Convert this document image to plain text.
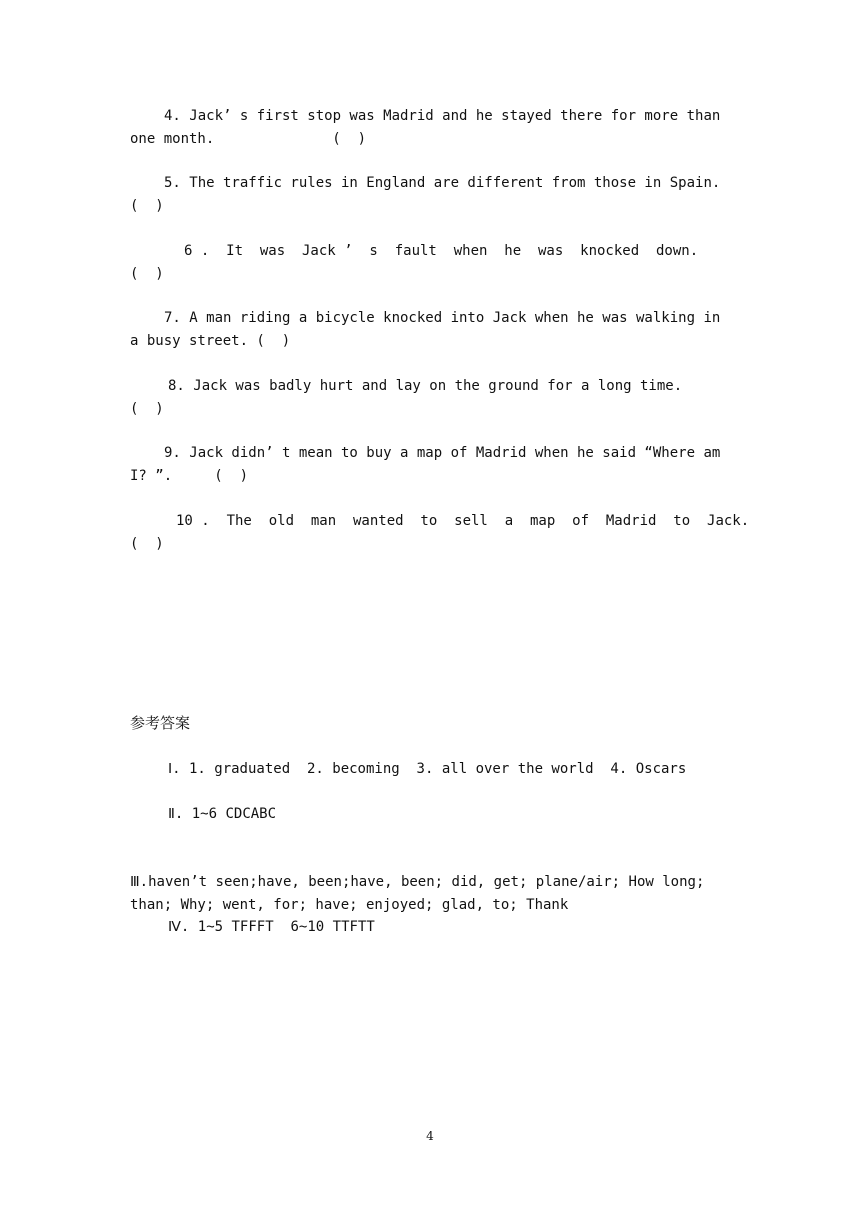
4. Jack’ s first stop was Madrid and he stayed there for more than
one month.              (  )
5. The traffic rules in England are different from those in Spain.
(  )
6 .  It  was  Jack ’  s  fault  when  he  was  knocked  down.
(  )
7. A man riding a bicycle knocked into Jack when he was walking in
a busy street. (  )
8. Jack was badly hurt and lay on the ground for a long time.
(  )
9. Jack didn’ t mean to buy a map of Madrid when he said “Where am
I? ”.     (  )
10 .  The  old  man  wanted  to  sell  a  map  of  Madrid  to  Jack.
(  )
参考答案
Ⅰ. 1. graduated  2. becoming  3. all over the world  4. Oscars
Ⅱ. 1~6 CDCABC
Ⅲ.haven’t seen;have, been;have, been; did, get; plane/air; How long;
than; Why; went, for; have; enjoyed; glad, to; Thank
Ⅳ. 1~5 TFFFT  6~10 TTFTT
4
